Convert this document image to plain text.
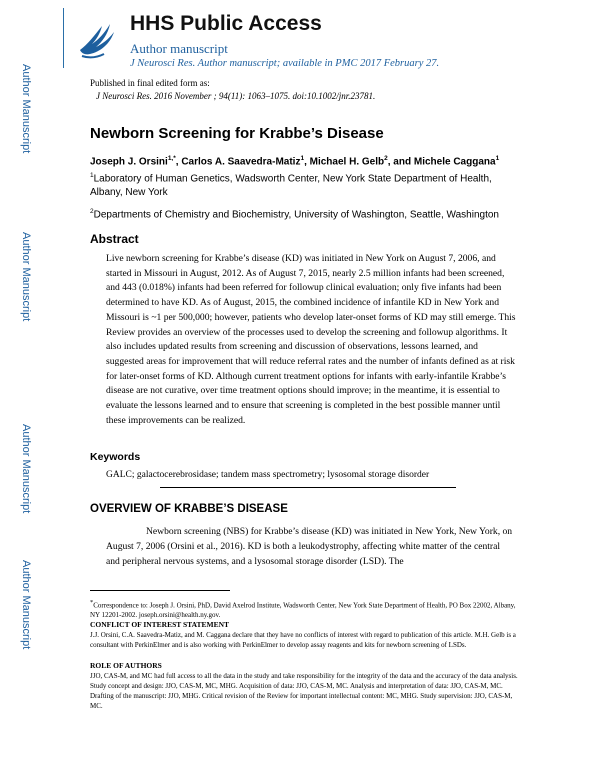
Author Manuscript
Author Manuscript
Author Manuscript
Author Manuscript
HHS Public Access
Author manuscript
J Neurosci Res. Author manuscript; available in PMC 2017 February 27.
Published in final edited form as:
J Neurosci Res. 2016 November ; 94(11): 1063–1075. doi:10.1002/jnr.23781.
Newborn Screening for Krabbe’s Disease
Joseph J. Orsini$^{1,*}$, Carlos A. Saavedra-Matiz$^1$, Michael H. Gelb$^2$, and Michele Caggana$^1$
$^1$Laboratory of Human Genetics, Wadsworth Center, New York State Department of Health, Albany, New York
$^2$Departments of Chemistry and Biochemistry, University of Washington, Seattle, Washington
Abstract
Live newborn screening for Krabbe’s disease (KD) was initiated in New York on August 7, 2006, and started in Missouri in August, 2012. As of August 7, 2015, nearly 2.5 million infants had been screened, and 443 (0.018%) infants had been referred for followup clinical evaluation; only five infants had been determined to have KD. As of August, 2015, the combined incidence of infantile KD in New York and Missouri is ~1 per 500,000; however, patients who develop later-onset forms of KD may still emerge. This Review provides an overview of the processes used to develop the screening and followup algorithms. It also includes updated results from screening and discussion of observations, lessons learned, and suggested areas for improvement that will reduce referral rates and the number of infants defined as at risk for later-onset forms of KD. Although current treatment options for infants with early-infantile Krabbe’s disease are not curative, over time treatment options should improve; in the meantime, it is essential to evaluate the lessons learned and to ensure that screening is completed in the best possible manner until these improvements can be realized.
Keywords
GALC; galactocerebrosidase; tandem mass spectrometry; lysosomal storage disorder
OVERVIEW OF KRABBE’S DISEASE
Newborn screening (NBS) for Krabbe’s disease (KD) was initiated in New York, New York, on August 7, 2006 (Orsini et al., 2016). KD is both a leukodystrophy, affecting white matter of the central and peripheral nervous systems, and a lysosomal storage disorder (LSD). The
*Correspondence to: Joseph J. Orsini, PhD, David Axelrod Institute, Wadsworth Center, New York State Department of Health, PO Box 22002, Albany, NY 12201-2002. joseph.orsini@health.ny.gov.
CONFLICT OF INTEREST STATEMENT
J.J. Orsini, C.A. Saavedra-Matiz, and M. Caggana declare that they have no conflicts of interest with regard to publication of this article. M.H. Gelb is a consultant with PerkinElmer and is also working with PerkinElmer to develop assay reagents and kits for newborn screening of LSDs.
ROLE OF AUTHORS
JJO, CAS-M, and MC had full access to all the data in the study and take responsibility for the integrity of the data and the accuracy of the data analysis. Study concept and design: JJO, CAS-M, MC, MHG. Acquisition of data: JJO, CAS-M, MC. Analysis and interpretation of data: JJO, CAS-M, MC. Drafting of the manuscript: JJO, MHG. Critical revision of the Review for important intellectual content: MC, MHG. Study supervision: JJO, CAS-M, MC.
